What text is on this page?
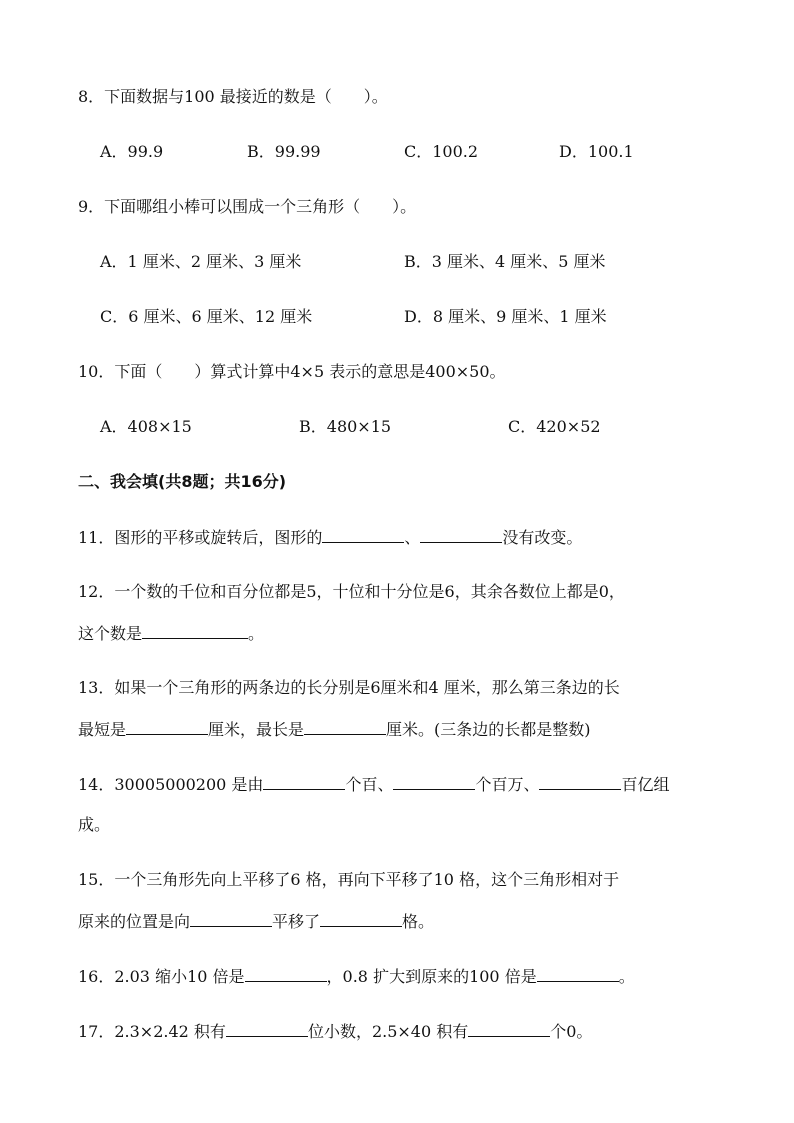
8．下面数据与100 最接近的数是（　　）。
A．99.9	B．99.99	C．100.2	D．100.1
9．下面哪组小棒可以围成一个三角形（　　）。
A．1 厘米、2 厘米、3 厘米	B．3 厘米、4 厘米、5 厘米
C．6 厘米、6 厘米、12 厘米	D．8 厘米、9 厘米、1 厘米
10．下面（　　）算式计算中4×5 表示的意思是400×50。
A．408×15	B．480×15	C．420×52
二、我会填(共8题；共16分)
11．图形的平移或旋转后，图形的	、	没有改变。
12．一个数的千位和百分位都是5，十位和十分位是6，其余各数位上都是0，
这个数是	。
13．如果一个三角形的两条边的长分别是6厘米和4 厘米，那么第三条边的长
最短是	厘米，最长是	厘米。(三条边的长都是整数)
14．30005000200 是由	个百、	个百万、	百亿组
成。
15．一个三角形先向上平移了6 格，再向下平移了10 格，这个三角形相对于
原来的位置是向	平移了	格。
16．2.03 缩小10 倍是	，0.8 扩大到原来的100 倍是	。
17．2.3×2.42 积有	位小数，2.5×40 积有	个0。
